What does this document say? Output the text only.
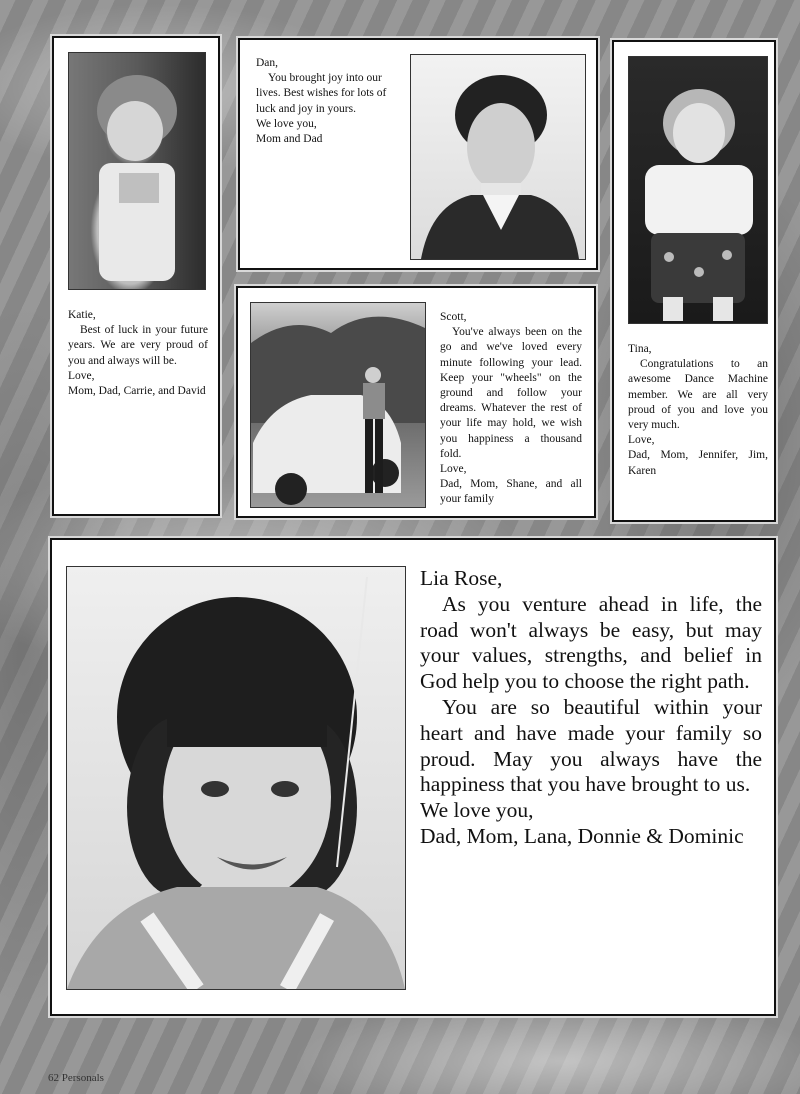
Katie,

Best of luck in your future years. We are very proud of you and always will be.

Love,

Mom, Dad, Carrie, and David

Dan,

You brought joy into our lives. Best wishes for lots of luck and joy in yours.

We love you,

Mom and Dad

Tina,

Congratulations to an awesome Dance Machine member. We are all very proud of you and love you very much.

Love,

Dad, Mom, Jennifer, Jim, Karen

Scott,

You've always been on the go and we've loved every minute following your lead. Keep your "wheels" on the ground and follow your dreams. Whatever the rest of your life may hold, we wish you happiness a thousand fold.

Love,

Dad, Mom, Shane, and all your family

Lia Rose,

As you venture ahead in life, the road won't always be easy, but may your values, strengths, and belief in God help you to choose the right path.

You are so beautiful within your heart and have made your family so proud. May you always have the happiness that you have brought to us.

We love you,

Dad, Mom, Lana, Donnie & Dominic

62 Personals
